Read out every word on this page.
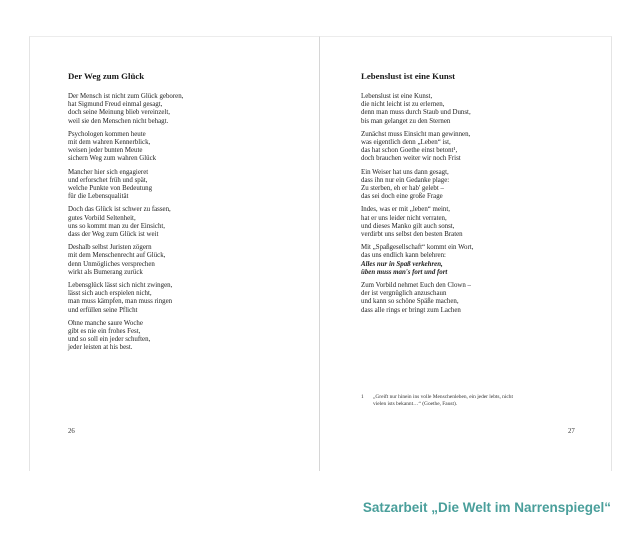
Der Weg zum Glück
Der Mensch ist nicht zum Glück geboren,
hat Sigmund Freud einmal gesagt,
doch seine Meinung blieb vereinzelt,
weil sie den Menschen nicht behagt.
Psychologen kommen heute
mit dem wahren Kennerblick,
weisen jeder bunten Meute
sichern Weg zum wahren Glück
Mancher hier sich engagieret
und erforschet früh und spät,
welche Punkte von Bedeutung
für die Lebensqualität
Doch das Glück ist schwer zu fassen,
gutes Vorbild Seltenheit,
uns so kommt man zu der Einsicht,
dass der Weg zum Glück ist weit
Deshalb selbst Juristen zögern
mit dem Menschenrecht auf Glück,
denn Unmögliches versprechen
wirkt als Bumerang zurück
Lebensglück lässt sich nicht zwingen,
lässt sich auch erspielen nicht,
man muss kämpfen, man muss ringen
und erfüllen seine Pflicht
Ohne manche saure Woche
gibt es nie ein frohes Fest,
und so soll ein jeder schuften,
jeder leisten at his best.
26
Lebenslust ist eine Kunst
Lebenslust ist eine Kunst,
die nicht leicht ist zu erlernen,
denn man muss durch Staub und Dunst,
bis man gelanget zu den Sternen
Zunächst muss Einsicht man gewinnen,
was eigentlich denn „Leben“ ist,
das hat schon Goethe einst betont¹,
doch brauchen weiter wir noch Frist
Ein Weiser hat uns dann gesagt,
dass ihn nur ein Gedanke plage:
Zu sterben, eh er hab' gelebt –
das sei doch eine große Frage
Indes, was er mit „leben“ meint,
hat er uns leider nicht verraten,
und dieses Manko gilt auch sonst,
verdirbt uns selbst den besten Braten
Mit „Spaßgesellschaft“ kommt ein Wort,
das uns endlich kann belehren:
Alles nur in Spaß verkehren,
üben muss man's fort und fort
Zum Vorbild nehmet Euch den Clown –
der ist vergnüglich anzuschaun
und kann so schöne Späße machen,
dass alle rings er bringt zum Lachen
1 „Greift nur hinein ins volle Menschenleben, ein jeder lebts, nicht
vielen ists bekannt…“ (Goethe, Faust).
27
Satzarbeit „Die Welt im Narrenspiegel“
